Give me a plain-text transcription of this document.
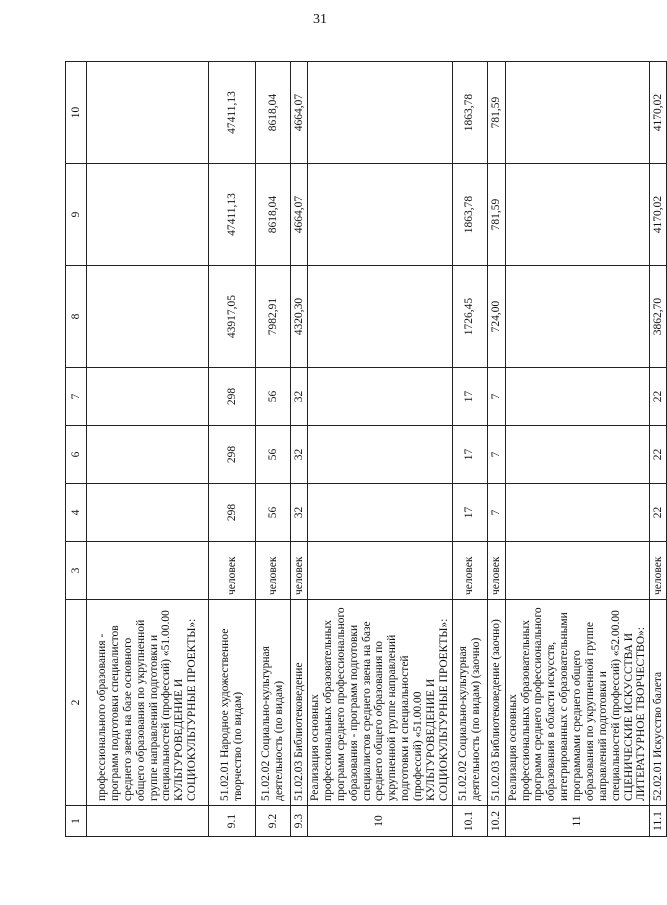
31
1	2	3	4	6	7	8	9	10
	профессионального образования - программ подготовки специалистов среднего звена на базе основного общего образования по укрупненной группе направлений подготовки и специальностей (профессий) «51.00.00 КУЛЬТУРОВЕДЕНИЕ И СОЦИОКУЛЬТУРНЫЕ ПРОЕКТЫ»:							
9.1	51.02.01 Народное художественное творчество (по видам)	человек	298	298	298	43917,05	47411,13	47411,13
9.2	51.02.02 Социально-культурная деятельность (по видам)	человек	56	56	56	7982,91	8618,04	8618,04
9.3	51.02.03 Библиотековедение	человек	32	32	32	4320,30	4664,07	4664,07
10	Реализация основных профессиональных образовательных программ среднего профессионального образования - программ подготовки специалистов среднего звена на базе среднего общего образования по укрупненной группе направлений подготовки и специальностей (профессий) «51.00.00 КУЛЬТУРОВЕДЕНИЕ И СОЦИОКУЛЬТУРНЫЕ ПРОЕКТЫ»:							
10.1	51.02.02 Социально-культурная деятельность (по видам) (заочно)	человек	17	17	17	1726,45	1863,78	1863,78
10.2	51.02.03 Библиотековедение (заочно)	человек	7	7	7	724,00	781,59	781,59
11	Реализация основных профессиональных образовательных программ среднего профессионального образования в области искусств, интегрированных с образовательными программами среднего общего образования по укрупненной группе направлений подготовки и специальностей (профессий) «52.00.00 СЦЕНИЧЕСКИЕ ИСКУССТВА И ЛИТЕРАТУРНОЕ ТВОРЧЕСТВО»:							
11.1	52.02.01 Искусство балета	человек	22	22	22	3862,70	4170,02	4170,02
